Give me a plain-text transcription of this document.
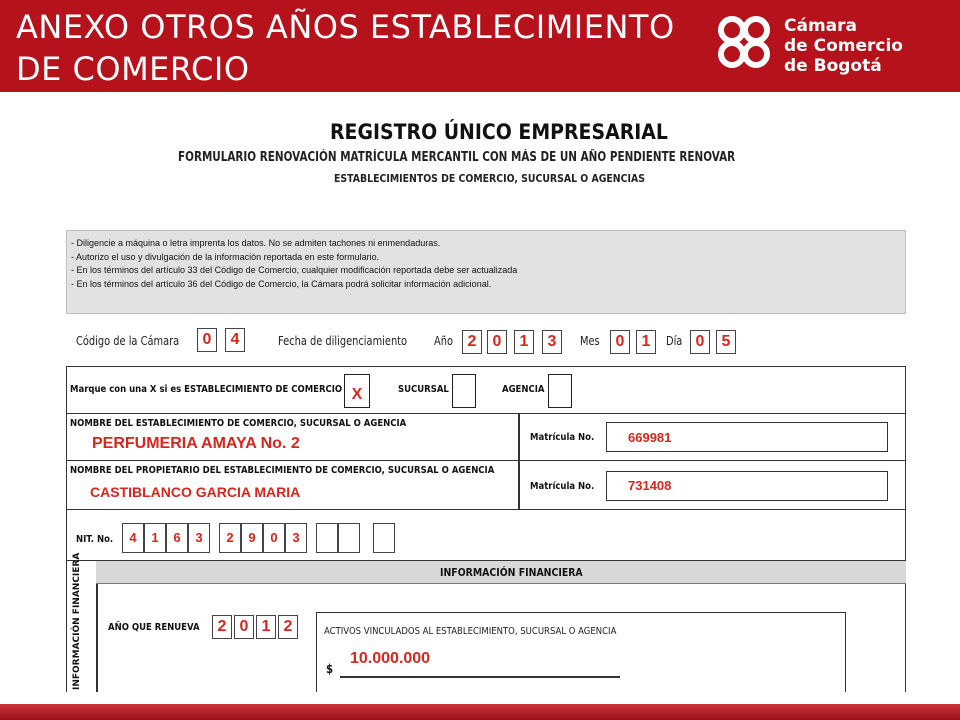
ANEXO OTROS AÑOS ESTABLECIMIENTO
DE COMERCIO
Cámara
de Comercio
de Bogotá
REGISTRO ÚNICO EMPRESARIAL
FORMULARIO RENOVACIÓN MATRÍCULA MERCANTIL CON MÁS DE UN AÑO PENDIENTE RENOVAR
ESTABLECIMIENTOS DE COMERCIO, SUCURSAL O AGENCIAS
- Diligencie a máquina o letra imprenta los datos. No se admiten tachones ni enmendaduras.
- Autorizo el uso y divulgación de la información reportada en este formulario.
- En los términos del artículo 33 del Código de Comercio, cualquier modificación reportada debe ser actualizada
- En los términos del artículo 36 del Código de Comercio, la Cámara podrá solicitar información adicional.
Código de la Cámara	0	4	Fecha de diligenciamiento Año 2	0	1	3	Mes 0	1	Día 0	5
Marque con una X si es ESTABLECIMIENTO DE COMERCIO X	SUCURSAL	AGENCIA
NOMBRE DEL ESTABLECIMIENTO DE COMERCIO, SUCURSAL O AGENCIA
PERFUMERIA AMAYA No. 2	Matrícula No.	669981
NOMBRE DEL PROPIETARIO DEL ESTABLECIMIENTO DE COMERCIO, SUCURSAL O AGENCIA
CASTIBLANCO GARCIA MARIA	Matrícula No.	731408
NIT. No.	4	1	6	3	2	9	0	3
INFORMACIÓN FINANCIERA
INFORMACIÓN FINANCIERA	AÑO QUE RENUEVA	2 0 1 2	ACTIVOS VINCULADOS AL ESTABLECIMIENTO, SUCURSAL O AGENCIA
$
10.000.000
